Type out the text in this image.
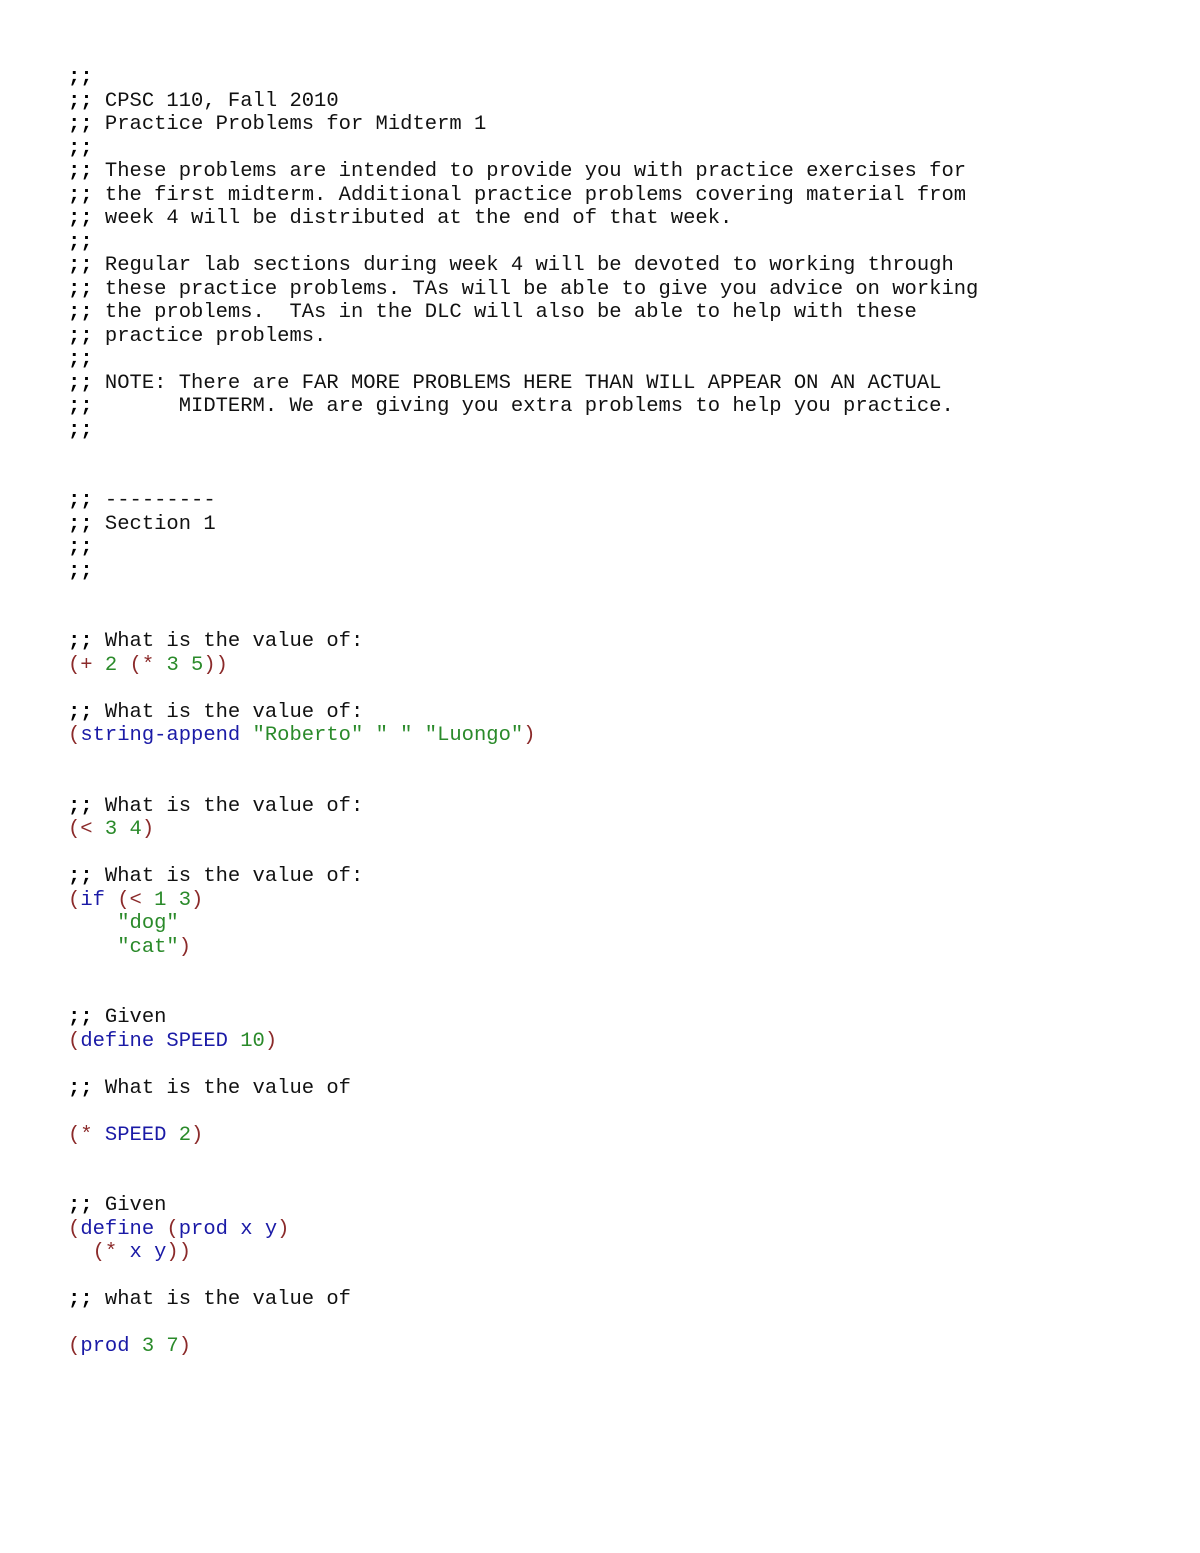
;;
;; CPSC 110, Fall 2010
;; Practice Problems for Midterm 1
;;
;; These problems are intended to provide you with practice exercises for
;; the first midterm. Additional practice problems covering material from
;; week 4 will be distributed at the end of that week.
;;
;; Regular lab sections during week 4 will be devoted to working through
;; these practice problems. TAs will be able to give you advice on working
;; the problems.  TAs in the DLC will also be able to help with these
;; practice problems.
;;
;; NOTE: There are FAR MORE PROBLEMS HERE THAN WILL APPEAR ON AN ACTUAL
;;       MIDTERM. We are giving you extra problems to help you practice.
;;
;; ---------
;; Section 1
;;
;;
;; What is the value of:
(+ 2 (* 3 5))
;; What is the value of:
(string-append "Roberto" " " "Luongo")
;; What is the value of:
(< 3 4)
;; What is the value of:
(if (< 1 3)
"dog"
"cat")
;; Given
(define SPEED 10)
;; What is the value of
(* SPEED 2)
;; Given
(define (prod x y)
(* x y))
;; what is the value of
(prod 3 7)
